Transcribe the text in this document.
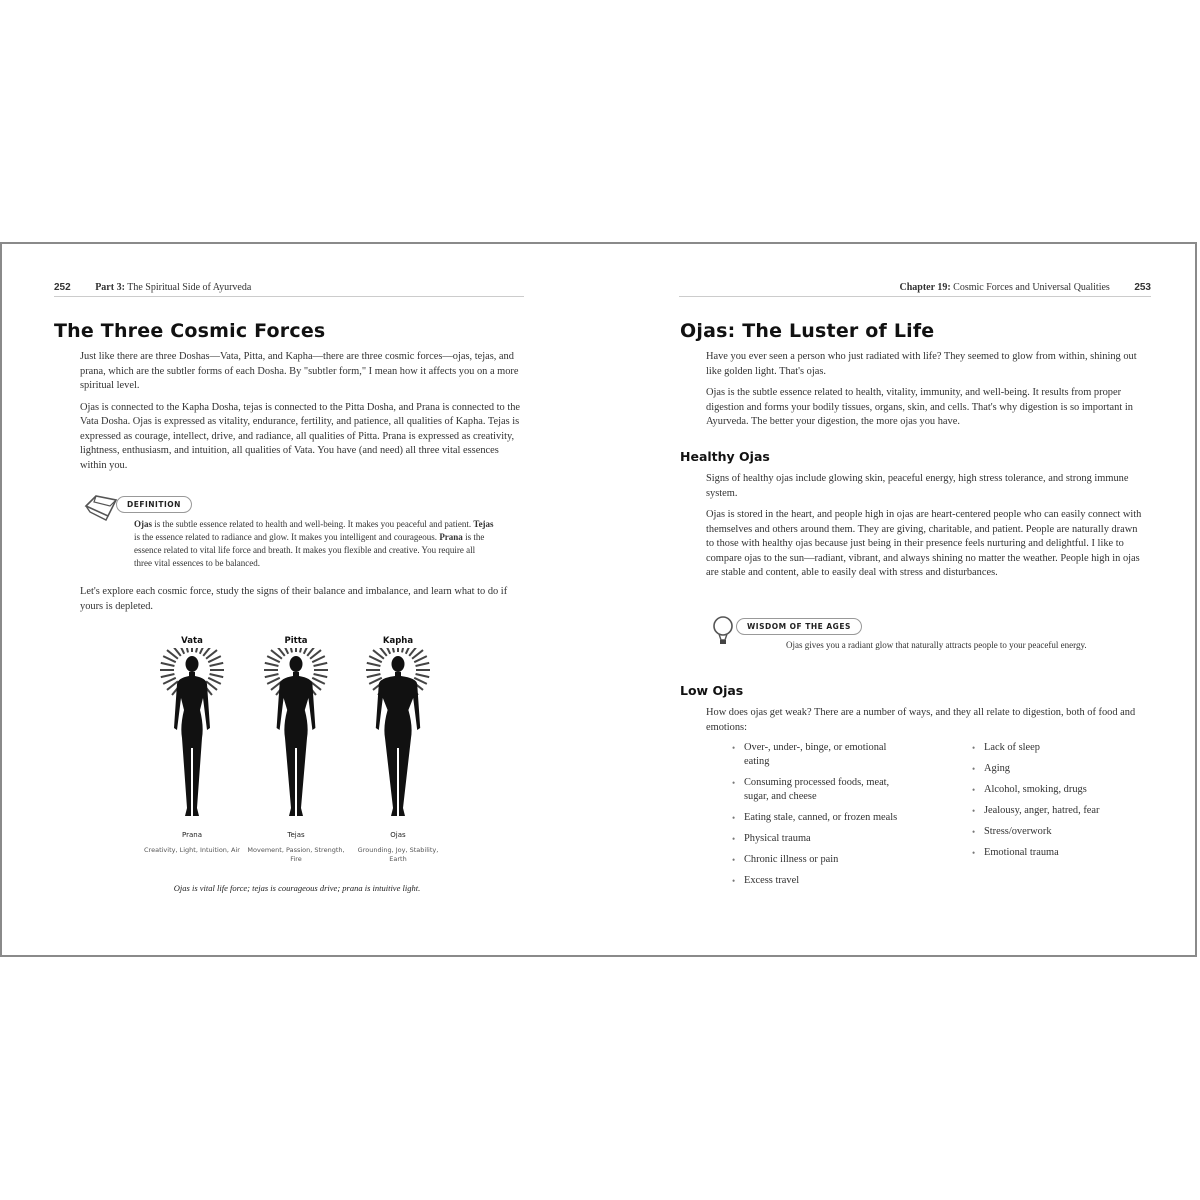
252 Part 3: The Spiritual Side of Ayurveda
The Three Cosmic Forces

Just like there are three Doshas—Vata, Pitta, and Kapha—there are three cosmic forces—ojas, tejas, and prana, which are the subtler forms of each Dosha. By "subtler form," I mean how it affects you on a more spiritual level.

Ojas is connected to the Kapha Dosha, tejas is connected to the Pitta Dosha, and Prana is connected to the Vata Dosha. Ojas is expressed as vitality, endurance, fertility, and patience, all qualities of Kapha. Tejas is expressed as courage, intellect, drive, and radiance, all qualities of Pitta. Prana is expressed as creativity, lightness, enthusiasm, and intuition, all qualities of Vata. You have (and need) all three vital essences within you.

DEFINITION
Ojas is the subtle essence related to health and well-being. It makes you peaceful and patient. Tejas is the essence related to radiance and glow. It makes you intelligent and courageous. Prana is the essence related to vital life force and breath. It makes you flexible and creative. You require all three vital essences to be balanced.

Let's explore each cosmic force, study the signs of their balance and imbalance, and learn what to do if yours is depleted.

Vata
Prana
Creativity, Light, Intuition, Air
Pitta
Tejas
Movement, Passion, Strength, Fire
Kapha
Ojas
Grounding, Joy, Stability, Earth
Ojas is vital life force; tejas is courageous drive; prana is intuitive light.
Chapter 19: Cosmic Forces and Universal Qualities 253
Ojas: The Luster of Life

Have you ever seen a person who just radiated with life? They seemed to glow from within, shining out like golden light. That's ojas.

Ojas is the subtle essence related to health, vitality, immunity, and well-being. It results from proper digestion and forms your bodily tissues, organs, skin, and cells. That's why digestion is so important in Ayurveda. The better your digestion, the more ojas you have.

Healthy Ojas

Signs of healthy ojas include glowing skin, peaceful energy, high stress tolerance, and strong immune system.

Ojas is stored in the heart, and people high in ojas are heart-centered people who can easily connect with themselves and others around them. They are giving, charitable, and patient. People are naturally drawn to those with healthy ojas because just being in their presence feels nurturing and delightful. I like to compare ojas to the sun—radiant, vibrant, and always shining no matter the weather. People high in ojas are stable and content, able to easily deal with stress and disturbances.

WISDOM OF THE AGES
Ojas gives you a radiant glow that naturally attracts people to your peaceful energy.
Low Ojas

How does ojas get weak? There are a number of ways, and they all relate to digestion, both of food and emotions:

• Over-, under-, binge, or emotional eating
• Consuming processed foods, meat, sugar, and cheese
• Eating stale, canned, or frozen meals
• Physical trauma
• Chronic illness or pain
• Excess travel
• Lack of sleep
• Aging
• Alcohol, smoking, drugs
• Jealousy, anger, hatred, fear
• Stress/overwork
• Emotional trauma
